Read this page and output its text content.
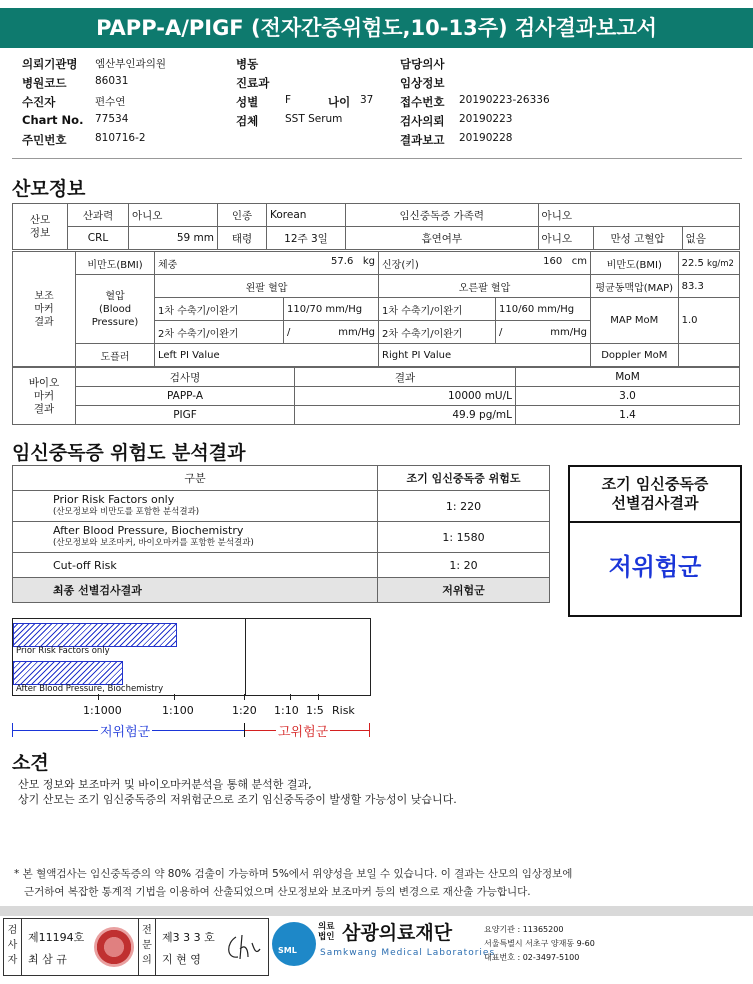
PAPP-A/PIGF (전자간증위험도,10-13주) 검사결과보고서
의뢰기관명 엠산부인과의원
병원코드	86031
수진자	편수연
Chart No. 77534
주민번호	810716-2
병동
진료과
성별	F	나이 37
검체	SST Serum
담당의사
임상정보
접수번호 20190223-26336
검사의뢰 20190223
결과보고 20190228
산모정보
산모
정보	산과력	아니오	인종	Korean	임신중독증 가족력	아니오		
	CRL	59 mm	태령	12주 3일	흡연여부	아니오	만성 고혈압	없음
보조
마커
결과	비만도(BMI)	체중 57.6 kg		신장(키) 160 cm		비만도(BMI)	22.5 kg/m2
	혈압
(Blood
Pressure)	왼팔 혈압		오른팔 혈압		평균동맥압(MAP)	83.3
		1차 수축기/이완기	110/70 mm/Hg	1차 수축기/이완기	110/60 mm/Hg	MAP MoM	1.0
		2차 수축기/이완기	/ mm/Hg	2차 수축기/이완기	/ mm/Hg		

	도플러	Left PI Value		Right PI Value		Doppler MoM	
바이오
마커
결과	검사명	결과	MoM
	PAPP-A	10000 mU/L	3.0
	PIGF	49.9 pg/mL	1.4
임신중독증 위험도 분석결과
구분	조기 임신중독증 위험도

Prior Risk Factors only
(산모정보와 비만도를 포함한 분석결과)	1: 220

After Blood Pressure, Biochemistry
(산모정보와 보조마커, 바이오마커를 포함한 분석결과)	1: 1580
Cut-off Risk	1: 20
최종 선별검사결과	저위험군
조기 임신중독증
선별검사결과
저위험군
Prior Risk Factors only
After Blood Pressure, Biochemistry
1:1000	1:100	1:20 1:10 1:5 Risk
저위험군	고위험군
소견
산모 정보와 보조마커 및 바이오마커분석을 통해 분석한 결과,
상기 산모는 조기 임신중독증의 저위험군으로 조기 임신중독증이 발생할 가능성이 낮습니다.
* 본 혈액검사는 임신중독증의 약 80% 검출이 가능하며 5%에서 위양성을 보일 수 있습니다. 이 결과는 산모의 임상정보에
근거하여 복잡한 통계적 기법을 이용하여 산출되었으며 산모정보와 보조마커 등의 변경으로 재산출 가능합니다.
검
사
자
제11194호
최 삼 규
전
문
의
제3 3 3 호
지 현 영
SML
의료
법인 삼광의료재단
Samkwang Medical Laboratories
요양기관 : 11365200
서울특별시 서초구 양재동 9-60
대표번호 : 02-3497-5100
